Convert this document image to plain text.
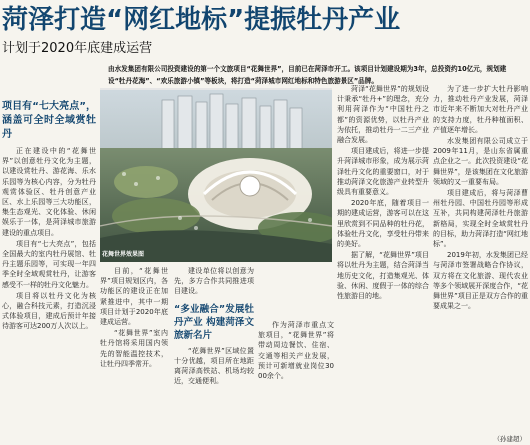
菏泽打造“网红地标”提振牡丹产业
计划于2020年底建成运营
由水发集团有限公司投资建设的第一个文旅项目“花舞世界”，目前已在菏泽市开工。该项目计划建设期为3年，总投资约10亿元，规划建设“牡丹花海”、“欢乐旅游小镇”等板块，将打造“菏泽城市网红地标和特色旅游景区”品牌。
项目有“七大亮点”，涵盖可全时全域赏牡丹

正在建设中的“花舞世界”以创意牡丹文化为主题，以建设赏牡丹、游花海、乐水乐园等为核心内容，分为牡丹观赏体验区、牡丹创意产业区、水上乐园等三大功能区，集生态观光、文化体验、休闲娱乐于一体，是菏泽城市旅游建设的重点项目。

项目有“七大亮点”，包括全国最大的室内牡丹展馆、牡丹主题乐园等，可实现一年四季全时全域观赏牡丹，让游客感受不一样的牡丹文化魅力。

项目将以牡丹文化为核心，融合科技元素，打造沉浸式体验项目，建成后预计年接待游客可达200万人次以上。

花舞世界效果图

目前，“花舞世界”项目规划区内，各功能区的建设正在加紧推进中，其中一期项目计划于2020年底建成运营。

“花舞世界”室内牡丹馆将采用国内领先的智能温控技术，让牡丹四季常开。

建设单位将以创意为先，多方合作共同推进项目建设。

“多业融合”发展牡丹产业 构建菏泽文旅新名片

“花舞世界”区域位置十分优越，项目所在地距离菏泽高铁站、机场均较近，交通便利。

作为菏泽市重点文旅项目，“花舞世界”将带动周边餐饮、住宿、交通等相关产业发展，预计可新增就业岗位3000余个。

菏泽“花舞世界”的规划设计秉承“牡丹+”的理念，充分利用菏泽作为“中国牡丹之都”的资源优势，以牡丹产业为依托，推动牡丹一二三产业融合发展。

项目建成后，将进一步提升菏泽城市形象，成为展示菏泽牡丹文化的重要窗口，对于推动菏泽文化旅游产业转型升级具有重要意义。

2020年底，随着项目一期的建成运营，游客可以在这里欣赏到不同品种的牡丹花，体验牡丹文化，享受牡丹带来的美好。

据了解，“花舞世界”项目将以牡丹为主题，结合菏泽当地历史文化，打造集观光、体验、休闲、度假于一体的综合性旅游目的地。

为了进一步扩大牡丹影响力，推动牡丹产业发展，菏泽市近年来不断加大对牡丹产业的支持力度，牡丹种植面积、产值逐年增长。

水发集团有限公司成立于2009年11月，是山东省属重点企业之一。此次投资建设“花舞世界”，是该集团在文化旅游领域的又一重要布局。

项目建成后，将与菏泽曹州牡丹园、中国牡丹园等形成互补，共同构建菏泽牡丹旅游新格局，实现全时全域赏牡丹的目标，助力菏泽打造“网红地标”。

2019年初，水发集团已经与菏泽市签署战略合作协议，双方将在文化旅游、现代农业等多个领域展开深度合作，“花舞世界”项目正是双方合作的重要成果之一。

（孙建超）
